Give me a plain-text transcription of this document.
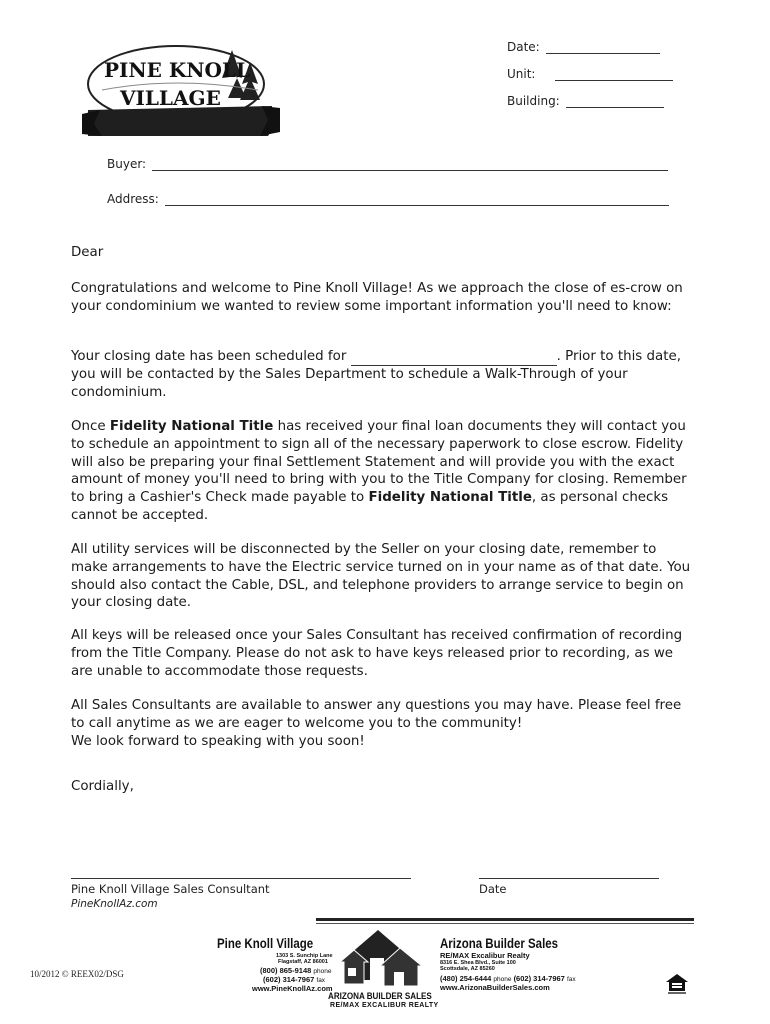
PINE KNOLL
VILLAGE
Date:
Unit:
Building:
Buyer:
Address:

Dear

Congratulations and welcome to Pine Knoll Village! As we approach the close of es-crow on your condominium we wanted to review some important information you'll need to know:

Your closing date has been scheduled for	. Prior to this date, you will be contacted by the Sales Department to schedule a Walk-Through of your condominium.

Once Fidelity National Title has received your final loan documents they will contact you to schedule an appointment to sign all of the necessary paperwork to close escrow. Fidelity will also be preparing your final Settlement Statement and will provide you with the exact amount of money you'll need to bring with you to the Title Company for closing. Remember to bring a Cashier's Check made payable to Fidelity National Title, as personal checks cannot be accepted.

All utility services will be disconnected by the Seller on your closing date, remember to make arrangements to have the Electric service turned on in your name as of that date. You should also contact the Cable, DSL, and telephone providers to arrange service to begin on your closing date.

All keys will be released once your Sales Consultant has received confirmation of recording from the Title Company. Please do not ask to have keys released prior to recording, as we are unable to accommodate those requests.

All Sales Consultants are available to answer any questions you may have. Please feel free to call anytime as we are eager to welcome you to the community!

We look forward to speaking with you soon!

Cordially,

Pine Knoll Village Sales Consultant
PineKnollAz.com
Date
Pine Knoll Village
1303 S. Sunchip Lane
Flagstaff, AZ 86001
(800) 865-9148 phone
(602) 314-7967 fax
www.PineKnollAz.com
ARIZONA BUILDER SALES
RE/MAX EXCALIBUR REALTY
Arizona Builder Sales
RE/MAX Excalibur Realty
8316 E. Shea Blvd., Suite 100
Scottsdale, AZ 85260
(480) 254-6444 phone (602) 314-7967 fax
www.ArizonaBuilderSales.com
10/2012 © REEX02/DSG
